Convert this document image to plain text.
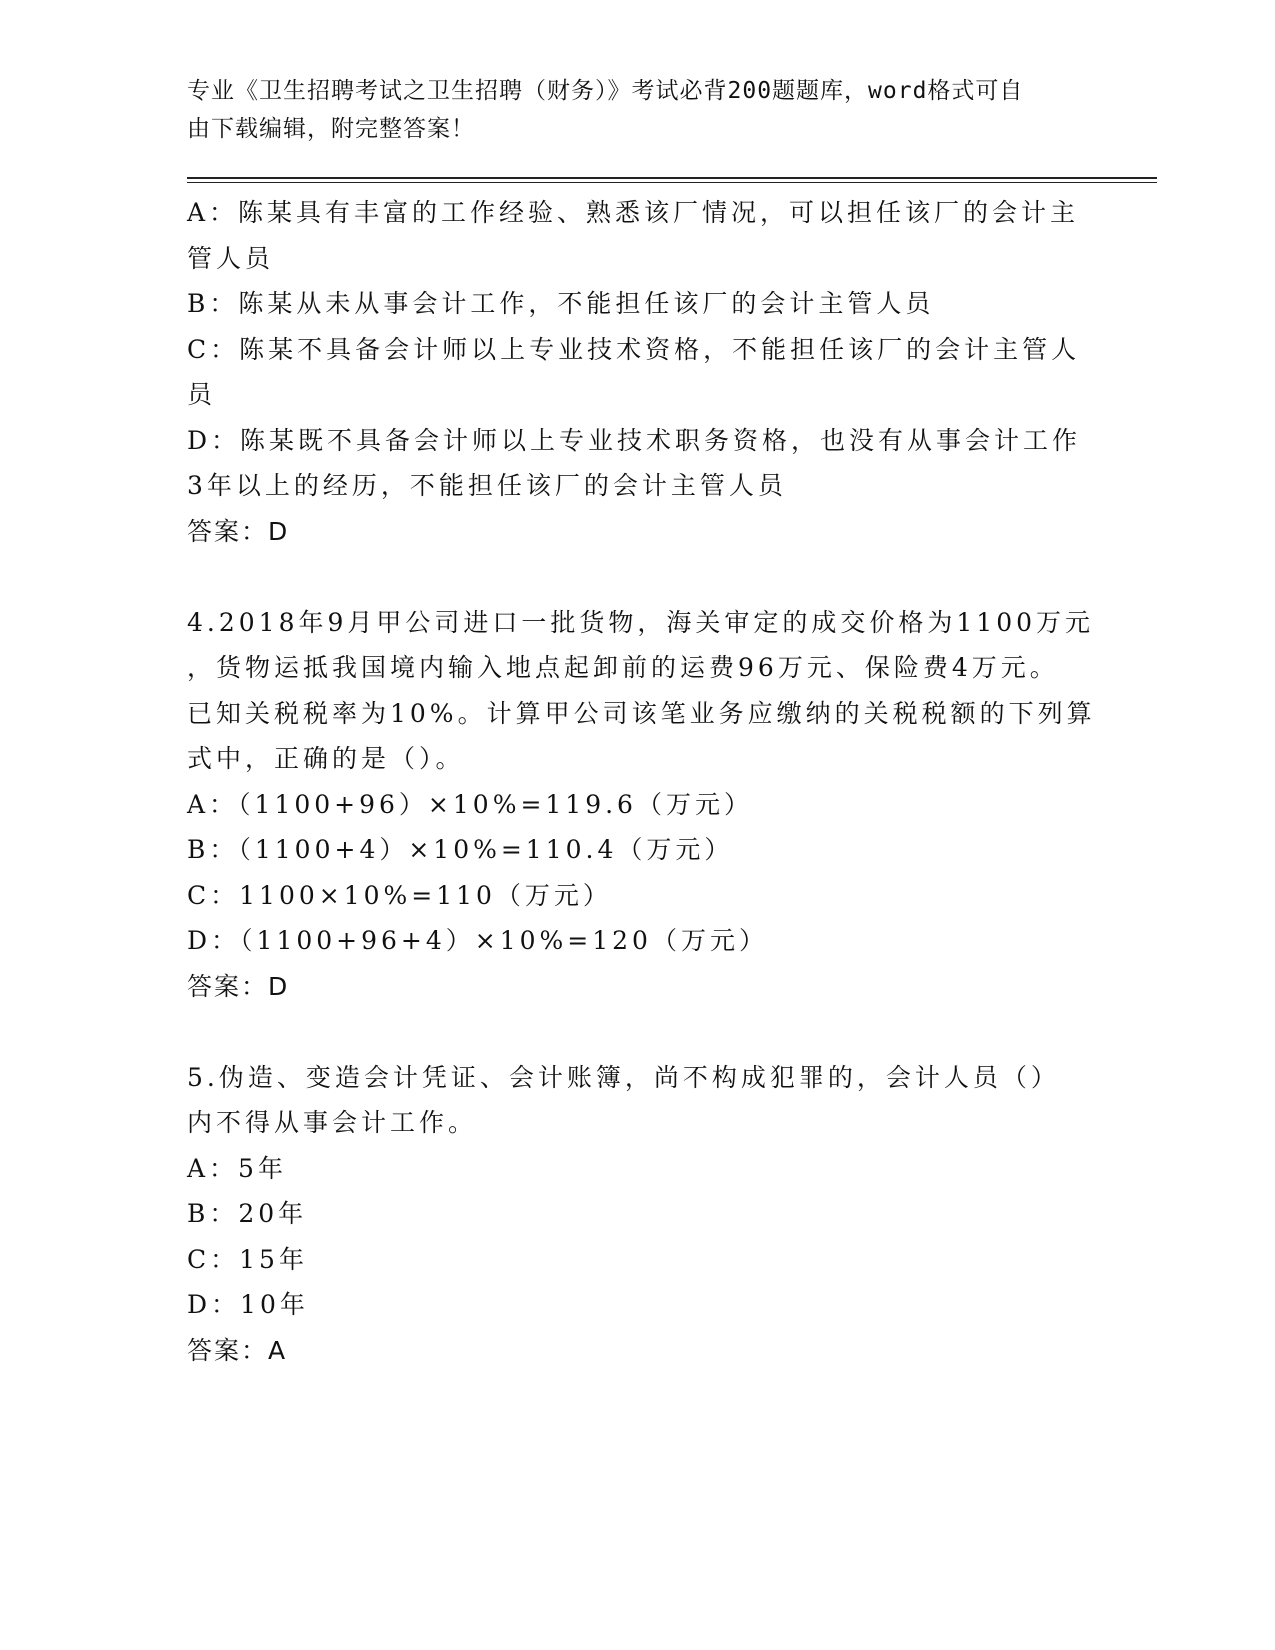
专业《卫生招聘考试之卫生招聘（财务）》考试必背200题题库，word格式可自
由下载编辑，附完整答案！
A：陈某具有丰富的工作经验、熟悉该厂情况，可以担任该厂的会计主
管人员
B：陈某从未从事会计工作，不能担任该厂的会计主管人员
C：陈某不具备会计师以上专业技术资格，不能担任该厂的会计主管人
员
D：陈某既不具备会计师以上专业技术职务资格，也没有从事会计工作
3年以上的经历，不能担任该厂的会计主管人员
答案：D
4.2018年9月甲公司进口一批货物，海关审定的成交价格为1100万元
，货物运抵我国境内输入地点起卸前的运费96万元、保险费4万元。
已知关税税率为10%。计算甲公司该笔业务应缴纳的关税税额的下列算
式中，正确的是（）。
A：（1100+96）×10%=119.6（万元）
B：（1100+4）×10%=110.4（万元）
C：1100×10%=110（万元）
D：（1100+96+4）×10%=120（万元）
答案：D
5.伪造、变造会计凭证、会计账簿，尚不构成犯罪的，会计人员（）
内不得从事会计工作。
A：5年
B：20年
C：15年
D：10年
答案：A
